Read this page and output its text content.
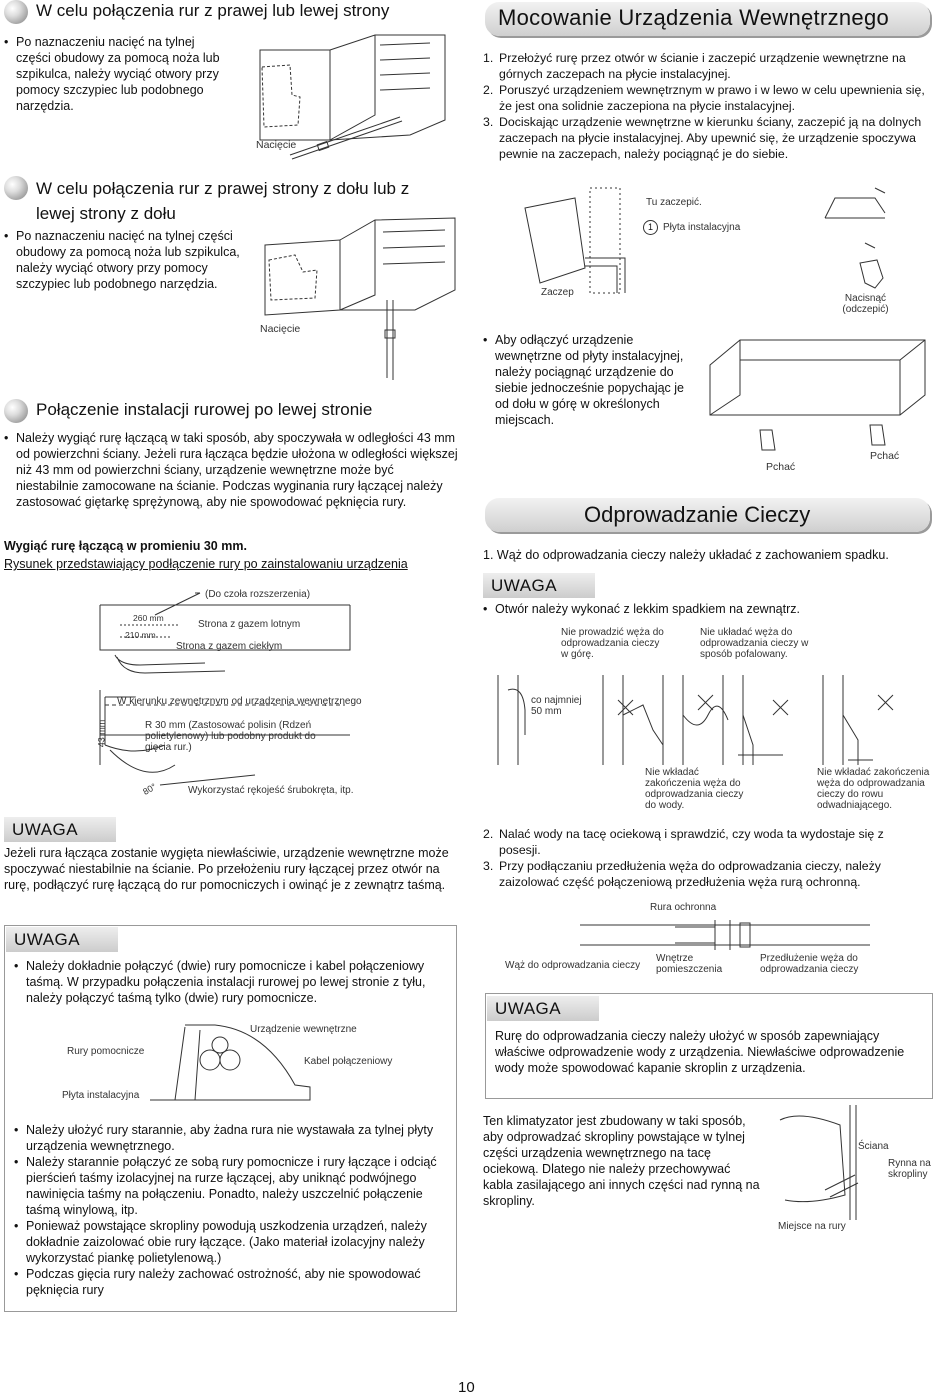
W celu połączenia rur z prawej lub lewej strony
• Po naznaczeniu nacięć na tylnej części obudowy za pomocą noża lub szpikulca, należy wyciąć otwory przy pomocy szczypiec lub podobnego narzędzia.
Nacięcie
W celu połączenia rur z prawej strony z dołu lub z lewej strony z dołu
• Po naznaczeniu nacięć na tylnej części obudowy za pomocą noża lub szpikulca, należy wyciąć otwory przy pomocy szczypiec lub podobnego narzędzia.
Nacięcie
Połączenie instalacji rurowej po lewej stronie
• Należy wygiąć rurę łączącą w taki sposób, aby spoczywała w odległości 43 mm od powierzchni ściany. Jeżeli rura łącząca będzie ułożona w odległości większej niż 43 mm od powierzchni ściany, urządzenie wewnętrzne może być niestabilnie zamocowane na ścianie. Podczas wyginania rury łączącej należy zastosować giętarkę sprężynową, aby nie spowodować pęknięcia rury.
Wygiąć rurę łączącą w promieniu 30 mm.
Rysunek przedstawiający podłączenie rury po zainstalowaniu urządzenia
(Do czoła rozszerzenia)
260 mm
210 mm
Strona z gazem lotnym
Strona z gazem ciekłym
W kierunku zewnętrznym od urządzenia wewnętrznego
43 mm	R 30 mm (Zastosować polisin (Rdzeń polietylenowy) lub podobny produkt do gięcia rur.)
80°	Wykorzystać rękojeść śrubokręta, itp.
UWAGA
Jeżeli rura łącząca zostanie wygięta niewłaściwie, urządzenie wewnętrzne może spoczywać niestabilnie na ścianie. Po przełożeniu rury łączącej przez otwór na rurę, podłączyć rurę łączącą do rur pomocniczych i owinąć je z zewnątrz taśmą.
UWAGA
• Należy dokładnie połączyć (dwie) rury pomocnicze i kabel połączeniowy taśmą. W przypadku połączenia instalacji rurowej po lewej stronie z tyłu, należy połączyć taśmą tylko (dwie) rury pomocnicze.
Urządzenie wewnętrzne
Rury pomocnicze
Kabel połączeniowy
Płyta instalacyjna
• Należy ułożyć rury starannie, aby żadna rura nie wystawała za tylnej płyty urządzenia wewnętrznego.
• Należy starannie połączyć ze sobą rury pomocnicze i rury łączące i odciąć pierścień taśmy izolacyjnej na rurze łączącej, aby uniknąć podwójnego nawinięcia taśmy na połączeniu. Ponadto, należy uszczelnić połączenie taśmą winylową, itp.
• Ponieważ powstające skropliny powodują uszkodzenia urządzeń, należy dokładnie zaizolować obie rury łączące. (Jako materiał izolacyjny należy wykorzystać piankę polietylenową.)
• Podczas gięcia rury należy zachować ostrożność, aby nie spowodować pęknięcia rury
Mocowanie Urządzenia Wewnętrznego
1. Przełożyć rurę przez otwór w ścianie i zaczepić urządzenie wewnętrzne na górnych zaczepach na płycie instalacyjnej.
2. Poruszyć urządzeniem wewnętrznym w prawo i w lewo w celu upewnienia się, że jest ona solidnie zaczepiona na płycie instalacyjnej.
3. Dociskając urządzenie wewnętrzne w kierunku ściany, zaczepić ją na dolnych zaczepach na płycie instalacyjnej. Aby upewnić się, że urządzenie spoczywa pewnie na zaczepach, należy pociągnąć je do siebie.
Tu zaczepić.
1	Płyta instalacyjna
Zaczep
Nacisnąć (odczepić)
• Aby odłączyć urządzenie wewnętrzne od płyty instalacyjnej, należy pociągnąć urządzenie do siebie jednocześnie popychając je od dołu w górę w określonych miejscach.
Pchać
Pchać
Odprowadzanie Cieczy
1. Wąż do odprowadzania cieczy należy układać z zachowaniem spadku.
UWAGA
• Otwór należy wykonać z lekkim spadkiem na zewnątrz.
Nie prowadzić węża do odprowadzania cieczy w górę.
Nie układać węża do odprowadzania cieczy w sposób pofalowany.
co najmniej 50 mm
Nie wkładać zakończenia węża do odprowadzania cieczy do wody.
Nie wkładać zakończenia węża do odprowadzania cieczy do rowu odwadniającego.
2. Nalać wody na tacę ociekową i sprawdzić, czy woda ta wydostaje się z posesji.
3. Przy podłączaniu przedłużenia węża do odprowadzania cieczy, należy zaizolować część połączeniową przedłużenia węża rurą ochronną.
Rura ochronna
Wąż do odprowadzania cieczy
Wnętrze pomieszczenia
Przedłużenie węża do odprowadzania cieczy
UWAGA
Rurę do odprowadzania cieczy należy ułożyć w sposób zapewniający właściwe odprowadzenie wody z urządzenia. Niewłaściwe odprowadzenie wody może spowodować kapanie skroplin z urządzenia.
Ten klimatyzator jest zbudowany w taki sposób, aby odprowadzać skropliny powstające w tylnej części urządzenia wewnętrznego na tacę ociekową. Dlatego nie należy przechowywać kabla zasilającego ani innych części nad rynną na skropliny.
Ściana
Rynna na skropliny
Miejsce na rury
10
